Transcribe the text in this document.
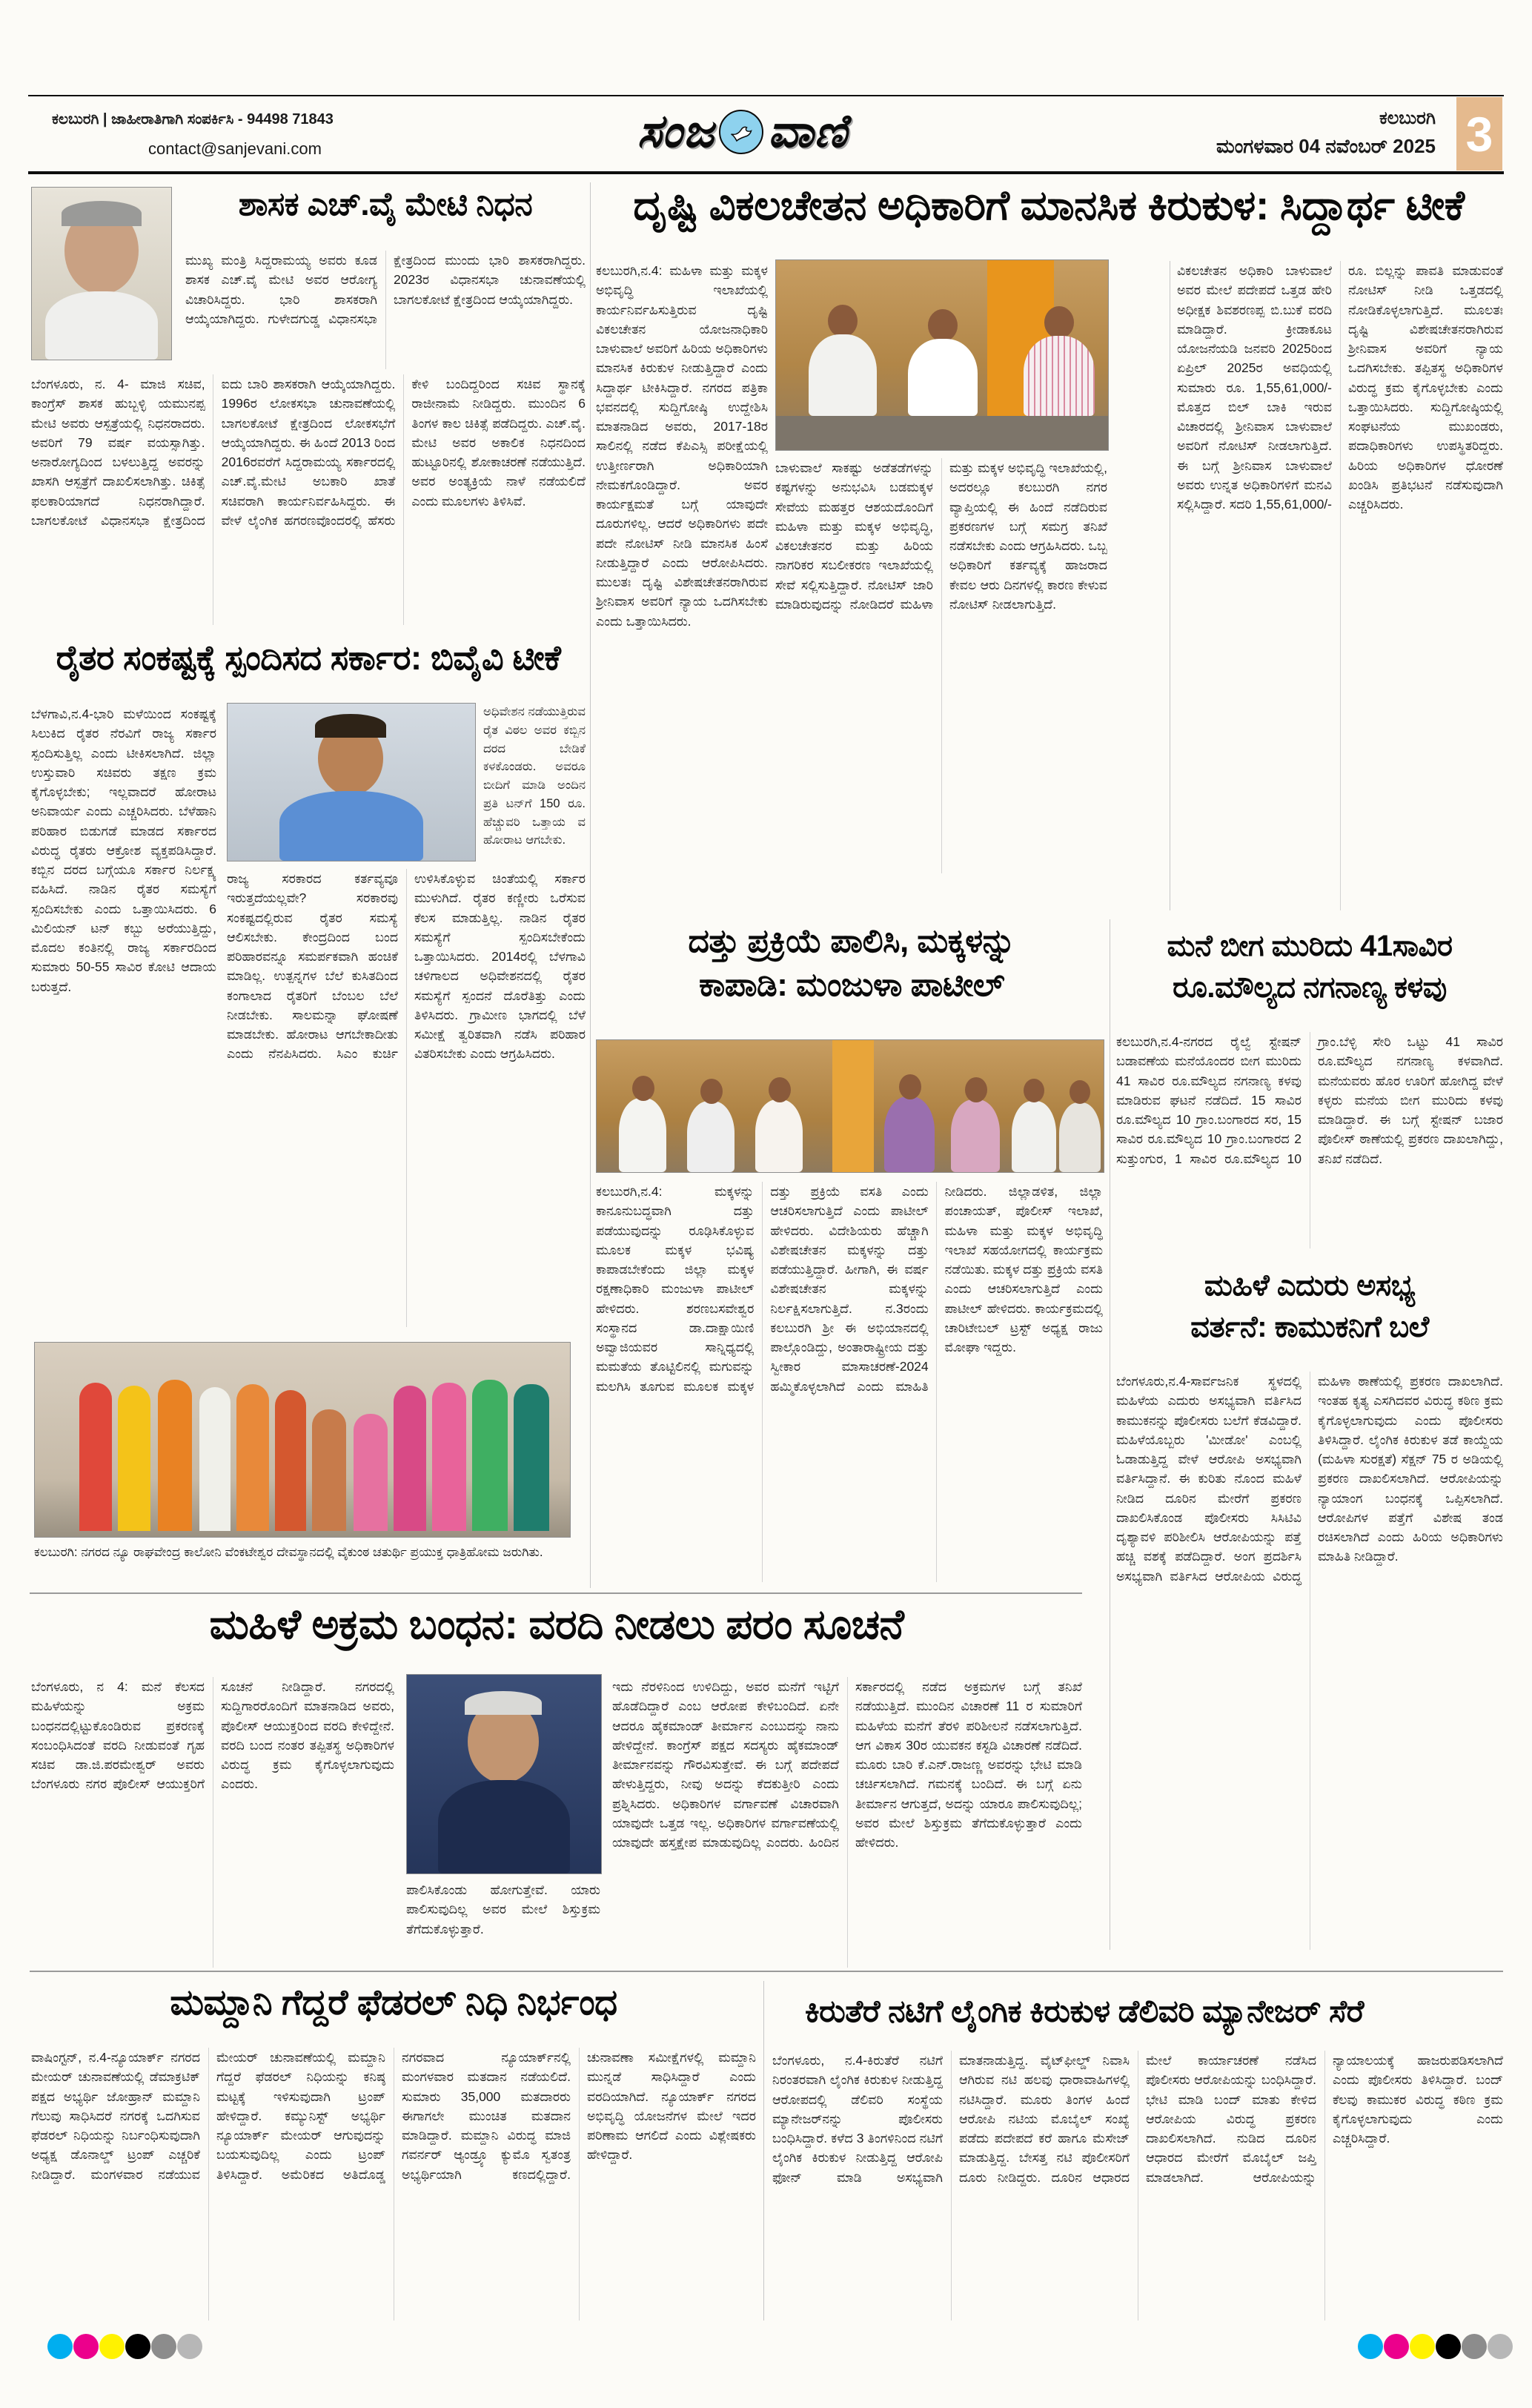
ಕಲಬುರಗಿ | ಜಾಹೀರಾತಿಗಾಗಿ ಸಂಪರ್ಕಿಸಿ - 94498 71843
contact@sanjevani.com	ಸಂಜ ವಾಣಿ	ಕಲಬುರಗಿ
ಮಂಗಳವಾರ 04 ನವೆಂಬರ್ 2025 3
ಶಾಸಕ ಎಚ್.ವೈ ಮೇಟಿ ನಿಧನ
ಮುಖ್ಯ ಮಂತ್ರಿ ಸಿದ್ದರಾಮಯ್ಯ ಅವರು ಕೂಡ ಶಾಸಕ ಎಚ್.ವೈ ಮೇಟಿ ಅವರ ಆರೋಗ್ಯ ವಿಚಾರಿಸಿದ್ದರು. ಭಾರಿ ಶಾಸಕರಾಗಿ ಆಯ್ಕೆಯಾಗಿದ್ದರು. ಗುಳೇದಗುಡ್ಡ ವಿಧಾನಸಭಾ ಕ್ಷೇತ್ರದಿಂದ ಮುಂದು ಭಾರಿ ಶಾಸಕರಾಗಿದ್ದರು. 2023ರ ವಿಧಾನಸಭಾ ಚುನಾವಣೆಯಲ್ಲಿ ಬಾಗಲಕೋಟೆ ಕ್ಷೇತ್ರದಿಂದ ಆಯ್ಕೆಯಾಗಿದ್ದರು.
ಬೆಂಗಳೂರು, ನ. 4- ಮಾಜಿ ಸಚಿವ, ಕಾಂಗ್ರೆಸ್ ಶಾಸಕ ಹುಬ್ಬಳ್ಳಿ ಯಮುನಪ್ಪ ಮೇಟಿ ಅವರು ಆಸ್ಪತ್ರೆಯಲ್ಲಿ ನಿಧನರಾದರು. ಅವರಿಗೆ 79 ವರ್ಷ ವಯಸ್ಸಾಗಿತ್ತು. ಅನಾರೋಗ್ಯದಿಂದ ಬಳಲುತ್ತಿದ್ದ ಅವರನ್ನು ಖಾಸಗಿ ಆಸ್ಪತ್ರೆಗೆ ದಾಖಲಿಸಲಾಗಿತ್ತು. ಚಿಕಿತ್ಸೆ ಫಲಕಾರಿಯಾಗದೆ ನಿಧನರಾಗಿದ್ದಾರೆ. ಬಾಗಲಕೋಟೆ ವಿಧಾನಸಭಾ ಕ್ಷೇತ್ರದಿಂದ ಐದು ಬಾರಿ ಶಾಸಕರಾಗಿ ಆಯ್ಕೆಯಾಗಿದ್ದರು. 1996ರ ಲೋಕಸಭಾ ಚುನಾವಣೆಯಲ್ಲಿ ಬಾಗಲಕೋಟೆ ಕ್ಷೇತ್ರದಿಂದ ಲೋಕಸಭೆಗೆ ಆಯ್ಕೆಯಾಗಿದ್ದರು. ಈ ಹಿಂದೆ 2013 ರಿಂದ 2016ರವರೆಗೆ ಸಿದ್ದರಾಮಯ್ಯ ಸರ್ಕಾರದಲ್ಲಿ ಎಚ್.ವೈ.ಮೇಟಿ ಅಬಕಾರಿ ಖಾತೆ ಸಚಿವರಾಗಿ ಕಾರ್ಯನಿರ್ವಹಿಸಿದ್ದರು. ಈ ವೇಳೆ ಲೈಂಗಿಕ ಹಗರಣವೊಂದರಲ್ಲಿ ಹೆಸರು ಕೇಳಿ ಬಂದಿದ್ದರಿಂದ ಸಚಿವ ಸ್ಥಾನಕ್ಕೆ ರಾಜೀನಾಮೆ ನೀಡಿದ್ದರು. ಮುಂದಿನ 6 ತಿಂಗಳ ಕಾಲ ಚಿಕಿತ್ಸೆ ಪಡೆದಿದ್ದರು. ಎಚ್.ವೈ. ಮೇಟಿ ಅವರ ಅಕಾಲಿಕ ನಿಧನದಿಂದ ಹುಟ್ಟೂರಿನಲ್ಲಿ ಶೋಕಾಚರಣೆ ನಡೆಯುತ್ತಿದೆ. ಅವರ ಅಂತ್ಯಕ್ರಿಯೆ ನಾಳೆ ನಡೆಯಲಿದೆ ಎಂದು ಮೂಲಗಳು ತಿಳಿಸಿವೆ.
ದೃಷ್ಟಿ ವಿಕಲಚೇತನ ಅಧಿಕಾರಿಗೆ ಮಾನಸಿಕ ಕಿರುಕುಳ: ಸಿದ್ದಾರ್ಥ ಟೀಕೆ
ಕಲಬುರಗಿ,ನ.4: ಮಹಿಳಾ ಮತ್ತು ಮಕ್ಕಳ ಅಭಿವೃದ್ಧಿ ಇಲಾಖೆಯಲ್ಲಿ ಕಾರ್ಯನಿರ್ವಹಿಸುತ್ತಿರುವ ದೃಷ್ಟಿ ವಿಕಲಚೇತನ ಯೋಜನಾಧಿಕಾರಿ ಬಾಳುವಾಲೆ ಅವರಿಗೆ ಹಿರಿಯ ಅಧಿಕಾರಿಗಳು ಮಾನಸಿಕ ಕಿರುಕುಳ ನೀಡುತ್ತಿದ್ದಾರೆ ಎಂದು ಸಿದ್ದಾರ್ಥ ಟೀಕಿಸಿದ್ದಾರೆ. ನಗರದ ಪತ್ರಿಕಾ ಭವನದಲ್ಲಿ ಸುದ್ದಿಗೋಷ್ಠಿ ಉದ್ದೇಶಿಸಿ ಮಾತನಾಡಿದ ಅವರು, 2017-18ರ ಸಾಲಿನಲ್ಲಿ ನಡೆದ ಕೆಪಿಎಸ್ಸಿ ಪರೀಕ್ಷೆಯಲ್ಲಿ ಉತ್ತೀರ್ಣರಾಗಿ ಅಧಿಕಾರಿಯಾಗಿ ನೇಮಕಗೊಂಡಿದ್ದಾರೆ. ಅವರ ಕಾರ್ಯಕ್ಷಮತೆ ಬಗ್ಗೆ ಯಾವುದೇ ದೂರುಗಳಿಲ್ಲ. ಆದರೆ ಅಧಿಕಾರಿಗಳು ಪದೇ ಪದೇ ನೋಟಿಸ್ ನೀಡಿ ಮಾನಸಿಕ ಹಿಂಸೆ ನೀಡುತ್ತಿದ್ದಾರೆ ಎಂದು ಆರೋಪಿಸಿದರು. ಮುಲತಃ ದೃಷ್ಟಿ ವಿಶೇಷಚೇತನರಾಗಿರುವ ಶ್ರೀನಿವಾಸ ಅವರಿಗೆ ನ್ಯಾಯ ಒದಗಿಸಬೇಕು ಎಂದು ಒತ್ತಾಯಿಸಿದರು.
ಬಾಳುವಾಲೆ ಸಾಕಷ್ಟು ಅಡೆತಡೆಗಳನ್ನು ಕಷ್ಟಗಳನ್ನು ಅನುಭವಿಸಿ ಬಡಮಕ್ಕಳ ಸೇವೆಯ ಮಹತ್ತರ ಆಶಯದೊಂದಿಗೆ ಮಹಿಳಾ ಮತ್ತು ಮಕ್ಕಳ ಅಭಿವೃದ್ಧಿ, ವಿಕಲಚೇತನರ ಮತ್ತು ಹಿರಿಯ ನಾಗರಿಕರ ಸಬಲೀಕರಣ ಇಲಾಖೆಯಲ್ಲಿ ಸೇವೆ ಸಲ್ಲಿಸುತ್ತಿದ್ದಾರೆ. ನೋಟಿಸ್ ಜಾರಿ ಮಾಡಿರುವುದನ್ನು ನೋಡಿದರೆ ಮಹಿಳಾ ಮತ್ತು ಮಕ್ಕಳ ಅಭಿವೃದ್ಧಿ ಇಲಾಖೆಯಲ್ಲಿ, ಅದರಲ್ಲೂ ಕಲಬುರಗಿ ನಗರ ವ್ಯಾಪ್ತಿಯಲ್ಲಿ ಈ ಹಿಂದೆ ನಡೆದಿರುವ ಪ್ರಕರಣಗಳ ಬಗ್ಗೆ ಸಮಗ್ರ ತನಿಖೆ ನಡೆಸಬೇಕು ಎಂದು ಆಗ್ರಹಿಸಿದರು. ಒಬ್ಬ ಅಧಿಕಾರಿಗೆ ಕರ್ತವ್ಯಕ್ಕೆ ಹಾಜರಾದ ಕೇವಲ ಆರು ದಿನಗಳಲ್ಲಿ ಕಾರಣ ಕೇಳುವ ನೋಟಿಸ್ ನೀಡಲಾಗುತ್ತಿದೆ.
ವಿಕಲಚೇತನ ಅಧಿಕಾರಿ ಬಾಳುವಾಲೆ ಅವರ ಮೇಲೆ ಪದೇಪದೆ ಒತ್ತಡ ಹೇರಿ ಅಧೀಕ್ಷಕ ಶಿವಶರಣಪ್ಪ ಬಿ.ಬುಕೆ ವರದಿ ಮಾಡಿದ್ದಾರೆ. ಕ್ರೀಡಾಕೂಟ ಯೋಜನೆಯಡಿ ಜನವರಿ 2025ರಿಂದ ಏಪ್ರಿಲ್ 2025ರ ಅವಧಿಯಲ್ಲಿ ಸುಮಾರು ರೂ. 1,55,61,000/- ಮೊತ್ತದ ಬಿಲ್ ಬಾಕಿ ಇರುವ ವಿಚಾರದಲ್ಲಿ ಶ್ರೀನಿವಾಸ ಬಾಳುವಾಲೆ ಅವರಿಗೆ ನೋಟಿಸ್ ನೀಡಲಾಗುತ್ತಿದೆ. ಈ ಬಗ್ಗೆ ಶ್ರೀನಿವಾಸ ಬಾಳುವಾಲೆ ಅವರು ಉನ್ನತ ಅಧಿಕಾರಿಗಳಿಗೆ ಮನವಿ ಸಲ್ಲಿಸಿದ್ದಾರೆ. ಸದರಿ 1,55,61,000/- ರೂ. ಬಿಲ್ಲನ್ನು ಪಾವತಿ ಮಾಡುವಂತೆ ನೋಟಿಸ್ ನೀಡಿ ಒತ್ತಡದಲ್ಲಿ ನೋಡಿಕೊಳ್ಳಲಾಗುತ್ತಿದೆ. ಮೂಲತಃ ದೃಷ್ಟಿ ವಿಶೇಷಚೇತನರಾಗಿರುವ ಶ್ರೀನಿವಾಸ ಅವರಿಗೆ ನ್ಯಾಯ ಒದಗಿಸಬೇಕು. ತಪ್ಪಿತಸ್ಥ ಅಧಿಕಾರಿಗಳ ವಿರುದ್ಧ ಕ್ರಮ ಕೈಗೊಳ್ಳಬೇಕು ಎಂದು ಒತ್ತಾಯಿಸಿದರು. ಸುದ್ದಿಗೋಷ್ಠಿಯಲ್ಲಿ ಸಂಘಟನೆಯ ಮುಖಂಡರು, ಪದಾಧಿಕಾರಿಗಳು ಉಪಸ್ಥಿತರಿದ್ದರು. ಹಿರಿಯ ಅಧಿಕಾರಿಗಳ ಧೋರಣೆ ಖಂಡಿಸಿ ಪ್ರತಿಭಟನೆ ನಡೆಸುವುದಾಗಿ ಎಚ್ಚರಿಸಿದರು.
ರೈತರ ಸಂಕಷ್ಟಕ್ಕೆ ಸ್ಪಂದಿಸದ ಸರ್ಕಾರ: ಬಿವೈವಿ ಟೀಕೆ
ಬೆಳಗಾವಿ,ನ.4-ಭಾರಿ ಮಳೆಯಿಂದ ಸಂಕಷ್ಟಕ್ಕೆ ಸಿಲುಕಿದ ರೈತರ ನೆರವಿಗೆ ರಾಜ್ಯ ಸರ್ಕಾರ ಸ್ಪಂದಿಸುತ್ತಿಲ್ಲ ಎಂದು ಟೀಕಿಸಲಾಗಿದೆ. ಜಿಲ್ಲಾ ಉಸ್ತುವಾರಿ ಸಚಿವರು ತಕ್ಷಣ ಕ್ರಮ ಕೈಗೊಳ್ಳಬೇಕು; ಇಲ್ಲವಾದರೆ ಹೋರಾಟ ಅನಿವಾರ್ಯ ಎಂದು ಎಚ್ಚರಿಸಿದರು. ಬೆಳೆಹಾನಿ ಪರಿಹಾರ ಬಿಡುಗಡೆ ಮಾಡದ ಸರ್ಕಾರದ ವಿರುದ್ಧ ರೈತರು ಆಕ್ರೋಶ ವ್ಯಕ್ತಪಡಿಸಿದ್ದಾರೆ. ಕಬ್ಬಿನ ದರದ ಬಗ್ಗೆಯೂ ಸರ್ಕಾರ ನಿರ್ಲಕ್ಷ್ಯ ವಹಿಸಿದೆ. ನಾಡಿನ ರೈತರ ಸಮಸ್ಯೆಗೆ ಸ್ಪಂದಿಸಬೇಕು ಎಂದು ಒತ್ತಾಯಿಸಿದರು. 6 ಮಿಲಿಯನ್ ಟನ್ ಕಬ್ಬು ಅರೆಯುತ್ತಿದ್ದು, ಮೊದಲ ಕಂತಿನಲ್ಲಿ ರಾಜ್ಯ ಸರ್ಕಾರದಿಂದ ಸುಮಾರು 50-55 ಸಾವಿರ ಕೋಟಿ ಆದಾಯ ಬರುತ್ತದೆ.
ಅಧಿವೇಶನ ನಡೆಯುತ್ತಿರುವ ರೈತ ವಿಠಲ ಅವರ ಕಬ್ಬಿನ ದರದ ಬೇಡಿಕೆ ಕಳಕೊಂಡರು. ಅವರೂ ಬೀದಿಗೆ ಮಾಡಿ ಅಂದಿನ ಪ್ರತಿ ಟನ್‌ಗೆ 150 ರೂ. ಹೆಚ್ಚುವರಿ ಒತ್ತಾಯ ವ ಹೋರಾಟ ಆಗಬೇಕು.
ರಾಜ್ಯ ಸರಕಾರದ ಕರ್ತವ್ಯವೂ ಇರುತ್ತದೆಯಲ್ಲವೇ? ಸರಕಾರವು ಸಂಕಷ್ಟದಲ್ಲಿರುವ ರೈತರ ಸಮಸ್ಯೆ ಆಲಿಸಬೇಕು. ಕೇಂದ್ರದಿಂದ ಬಂದ ಪರಿಹಾರವನ್ನೂ ಸಮರ್ಪಕವಾಗಿ ಹಂಚಿಕೆ ಮಾಡಿಲ್ಲ. ಉತ್ಪನ್ನಗಳ ಬೆಲೆ ಕುಸಿತದಿಂದ ಕಂಗಾಲಾದ ರೈತರಿಗೆ ಬೆಂಬಲ ಬೆಲೆ ನೀಡಬೇಕು. ಸಾಲಮನ್ನಾ ಘೋಷಣೆ ಮಾಡಬೇಕು. ಹೋರಾಟ ಆಗಬೇಕಾದೀತು ಎಂದು ನೆನಪಿಸಿದರು. ಸಿಎಂ ಕುರ್ಚಿ ಉಳಿಸಿಕೊಳ್ಳುವ ಚಿಂತೆಯಲ್ಲಿ ಸರ್ಕಾರ ಮುಳುಗಿದೆ. ರೈತರ ಕಣ್ಣೀರು ಒರೆಸುವ ಕೆಲಸ ಮಾಡುತ್ತಿಲ್ಲ. ನಾಡಿನ ರೈತರ ಸಮಸ್ಯೆಗೆ ಸ್ಪಂದಿಸಬೇಕೆಂದು ಒತ್ತಾಯಿಸಿದರು. 2014ರಲ್ಲಿ ಬೆಳಗಾವಿ ಚಳಿಗಾಲದ ಅಧಿವೇಶನದಲ್ಲಿ ರೈತರ ಸಮಸ್ಯೆಗೆ ಸ್ಪಂದನೆ ದೊರೆತಿತ್ತು ಎಂದು ತಿಳಿಸಿದರು. ಗ್ರಾಮೀಣ ಭಾಗದಲ್ಲಿ ಬೆಳೆ ಸಮೀಕ್ಷೆ ತ್ವರಿತವಾಗಿ ನಡೆಸಿ ಪರಿಹಾರ ವಿತರಿಸಬೇಕು ಎಂದು ಆಗ್ರಹಿಸಿದರು.
ಕಲಬುರಗಿ: ನಗರದ ನ್ಯೂ ರಾಘವೇಂದ್ರ ಕಾಲೋನಿ ವೆಂಕಟೇಶ್ವರ ದೇವಸ್ಥಾನದಲ್ಲಿ ವೈಕುಂಠ ಚತುರ್ಥಿ ಪ್ರಯುಕ್ತ ಧಾತ್ರಿಹೋಮ ಜರುಗಿತು.
ದತ್ತು ಪ್ರಕ್ರಿಯೆ ಪಾಲಿಸಿ, ಮಕ್ಕಳನ್ನು
ಕಾಪಾಡಿ: ಮಂಜುಳಾ ಪಾಟೀಲ್
ಕಲಬುರಗಿ,ನ.4: ಮಕ್ಕಳನ್ನು ಕಾನೂನುಬದ್ಧವಾಗಿ ದತ್ತು ಪಡೆಯುವುದನ್ನು ರೂಢಿಸಿಕೊಳ್ಳುವ ಮೂಲಕ ಮಕ್ಕಳ ಭವಿಷ್ಯ ಕಾಪಾಡಬೇಕೆಂದು ಜಿಲ್ಲಾ ಮಕ್ಕಳ ರಕ್ಷಣಾಧಿಕಾರಿ ಮಂಜುಳಾ ಪಾಟೀಲ್ ಹೇಳಿದರು. ಶರಣಬಸವೇಶ್ವರ ಸಂಸ್ಥಾನದ ಡಾ.ದಾಕ್ಷಾಯಿಣಿ ಅವ್ವಾಜಿಯವರ ಸಾನ್ನಿಧ್ಯದಲ್ಲಿ ಮಮತೆಯ ತೊಟ್ಟಿಲಿನಲ್ಲಿ ಮಗುವನ್ನು ಮಲಗಿಸಿ ತೂಗುವ ಮೂಲಕ ಮಕ್ಕಳ ದತ್ತು ಪ್ರಕ್ರಿಯೆ ವಸತಿ ಎಂದು ಆಚರಿಸಲಾಗುತ್ತಿದೆ ಎಂದು ಪಾಟೀಲ್ ಹೇಳಿದರು. ವಿದೇಶಿಯರು ಹೆಚ್ಚಾಗಿ ವಿಶೇಷಚೇತನ ಮಕ್ಕಳನ್ನು ದತ್ತು ಪಡೆಯುತ್ತಿದ್ದಾರೆ. ಹೀಗಾಗಿ, ಈ ವರ್ಷ ವಿಶೇಷಚೇತನ ಮಕ್ಕಳನ್ನು ನಿರ್ಲಕ್ಷಿಸಲಾಗುತ್ತಿದೆ. ನ.3ರಂದು ಕಲಬುರಗಿ ಶ್ರೀ ಈ ಅಭಿಯಾನದಲ್ಲಿ ಪಾಲ್ಗೊಂಡಿದ್ದು, ಅಂತಾರಾಷ್ಟ್ರೀಯ ದತ್ತು ಸ್ವೀಕಾರ ಮಾಸಾಚರಣೆ-2024 ಹಮ್ಮಿಕೊಳ್ಳಲಾಗಿದೆ ಎಂದು ಮಾಹಿತಿ ನೀಡಿದರು. ಜಿಲ್ಲಾಡಳಿತ, ಜಿಲ್ಲಾ ಪಂಚಾಯತ್, ಪೊಲೀಸ್ ಇಲಾಖೆ, ಮಹಿಳಾ ಮತ್ತು ಮಕ್ಕಳ ಅಭಿವೃದ್ಧಿ ಇಲಾಖೆ ಸಹಯೋಗದಲ್ಲಿ ಕಾರ್ಯಕ್ರಮ ನಡೆಯಿತು. ಮಕ್ಕಳ ದತ್ತು ಪ್ರಕ್ರಿಯೆ ವಸತಿ ಎಂದು ಆಚರಿಸಲಾಗುತ್ತಿದೆ ಎಂದು ಪಾಟೀಲ್ ಹೇಳಿದರು. ಕಾರ್ಯಕ್ರಮದಲ್ಲಿ ಚಾರಿಟೇಬಲ್ ಟ್ರಸ್ಟ್ ಅಧ್ಯಕ್ಷ ರಾಜು ಮೋಘಾ ಇದ್ದರು.
ಮನೆ ಬೀಗ ಮುರಿದು 41ಸಾವಿರ
ರೂ.ಮೌಲ್ಯದ ನಗನಾಣ್ಯ ಕಳವು
ಕಲಬುರಗಿ,ನ.4-ನಗರದ ರೈಲ್ವೆ ಸ್ಟೇಷನ್ ಬಡಾವಣೆಯ ಮನೆಯೊಂದರ ಬೀಗ ಮುರಿದು 41 ಸಾವಿರ ರೂ.ಮೌಲ್ಯದ ನಗನಾಣ್ಯ ಕಳವು ಮಾಡಿರುವ ಘಟನೆ ನಡೆದಿದೆ. 15 ಸಾವಿರ ರೂ.ಮೌಲ್ಯದ 10 ಗ್ರಾಂ.ಬಂಗಾರದ ಸರ, 15 ಸಾವಿರ ರೂ.ಮೌಲ್ಯದ 10 ಗ್ರಾಂ.ಬಂಗಾರದ 2 ಸುತ್ತುಂಗುರ, 1 ಸಾವಿರ ರೂ.ಮೌಲ್ಯದ 10 ಗ್ರಾಂ.ಬೆಳ್ಳಿ ಸೇರಿ ಒಟ್ಟು 41 ಸಾವಿರ ರೂ.ಮೌಲ್ಯದ ನಗನಾಣ್ಯ ಕಳವಾಗಿದೆ. ಮನೆಯವರು ಹೊರ ಊರಿಗೆ ಹೋಗಿದ್ದ ವೇಳೆ ಕಳ್ಳರು ಮನೆಯ ಬೀಗ ಮುರಿದು ಕಳವು ಮಾಡಿದ್ದಾರೆ. ಈ ಬಗ್ಗೆ ಸ್ಟೇಷನ್ ಬಜಾರ ಪೊಲೀಸ್ ಠಾಣೆಯಲ್ಲಿ ಪ್ರಕರಣ ದಾಖಲಾಗಿದ್ದು, ತನಿಖೆ ನಡೆದಿದೆ.
ಮಹಿಳೆ ಎದುರು ಅಸಭ್ಯ
ವರ್ತನೆ: ಕಾಮುಕನಿಗೆ ಬಲೆ
ಬೆಂಗಳೂರು,ನ.4-ಸಾರ್ವಜನಿಕ ಸ್ಥಳದಲ್ಲಿ ಮಹಿಳೆಯ ಎದುರು ಅಸಭ್ಯವಾಗಿ ವರ್ತಿಸಿದ ಕಾಮುಕನನ್ನು ಪೊಲೀಸರು ಬಲೆಗೆ ಕೆಡವಿದ್ದಾರೆ. ಮಹಿಳೆಯೊಬ್ಬರು 'ಮೀಡೋ' ಎಂಬಲ್ಲಿ ಓಡಾಡುತ್ತಿದ್ದ ವೇಳೆ ಆರೋಪಿ ಅಸಭ್ಯವಾಗಿ ವರ್ತಿಸಿದ್ದಾನೆ. ಈ ಕುರಿತು ನೊಂದ ಮಹಿಳೆ ನೀಡಿದ ದೂರಿನ ಮೇರೆಗೆ ಪ್ರಕರಣ ದಾಖಲಿಸಿಕೊಂಡ ಪೊಲೀಸರು ಸಿಸಿಟಿವಿ ದೃಶ್ಯಾವಳಿ ಪರಿಶೀಲಿಸಿ ಆರೋಪಿಯನ್ನು ಪತ್ತೆ ಹಚ್ಚಿ ವಶಕ್ಕೆ ಪಡೆದಿದ್ದಾರೆ. ಅಂಗ ಪ್ರದರ್ಶಿಸಿ ಅಸಭ್ಯವಾಗಿ ವರ್ತಿಸಿದ ಆರೋಪಿಯ ವಿರುದ್ಧ ಮಹಿಳಾ ಠಾಣೆಯಲ್ಲಿ ಪ್ರಕರಣ ದಾಖಲಾಗಿದೆ. ಇಂತಹ ಕೃತ್ಯ ಎಸಗಿದವರ ವಿರುದ್ಧ ಕಠಿಣ ಕ್ರಮ ಕೈಗೊಳ್ಳಲಾಗುವುದು ಎಂದು ಪೊಲೀಸರು ತಿಳಿಸಿದ್ದಾರೆ. ಲೈಂಗಿಕ ಕಿರುಕುಳ ತಡೆ ಕಾಯ್ದೆಯ (ಮಹಿಳಾ ಸುರಕ್ಷತೆ) ಸೆಕ್ಷನ್ 75 ರ ಅಡಿಯಲ್ಲಿ ಪ್ರಕರಣ ದಾಖಲಿಸಲಾಗಿದೆ. ಆರೋಪಿಯನ್ನು ನ್ಯಾಯಾಂಗ ಬಂಧನಕ್ಕೆ ಒಪ್ಪಿಸಲಾಗಿದೆ. ಆರೋಪಿಗಳ ಪತ್ತೆಗೆ ವಿಶೇಷ ತಂಡ ರಚಿಸಲಾಗಿದೆ ಎಂದು ಹಿರಿಯ ಅಧಿಕಾರಿಗಳು ಮಾಹಿತಿ ನೀಡಿದ್ದಾರೆ.
ಮಹಿಳೆ ಅಕ್ರಮ ಬಂಧನ: ವರದಿ ನೀಡಲು ಪರಂ ಸೂಚನೆ
ಬೆಂಗಳೂರು, ನ 4: ಮನೆ ಕೆಲಸದ ಮಹಿಳೆಯನ್ನು ಅಕ್ರಮ ಬಂಧನದಲ್ಲಿಟ್ಟುಕೊಂಡಿರುವ ಪ್ರಕರಣಕ್ಕೆ ಸಂಬಂಧಿಸಿದಂತೆ ವರದಿ ನೀಡುವಂತೆ ಗೃಹ ಸಚಿವ ಡಾ.ಜಿ.ಪರಮೇಶ್ವರ್ ಅವರು ಬೆಂಗಳೂರು ನಗರ ಪೊಲೀಸ್ ಆಯುಕ್ತರಿಗೆ ಸೂಚನೆ ನೀಡಿದ್ದಾರೆ. ನಗರದಲ್ಲಿ ಸುದ್ದಿಗಾರರೊಂದಿಗೆ ಮಾತನಾಡಿದ ಅವರು, ಪೊಲೀಸ್ ಆಯುಕ್ತರಿಂದ ವರದಿ ಕೇಳಿದ್ದೇನೆ. ವರದಿ ಬಂದ ನಂತರ ತಪ್ಪಿತಸ್ಥ ಅಧಿಕಾರಿಗಳ ವಿರುದ್ಧ ಕ್ರಮ ಕೈಗೊಳ್ಳಲಾಗುವುದು ಎಂದರು.
ಪಾಲಿಸಿಕೊಂಡು ಹೋಗುತ್ತೇವೆ. ಯಾರು ಪಾಲಿಸುವುದಿಲ್ಲ ಅವರ ಮೇಲೆ ಶಿಸ್ತುಕ್ರಮ ತೆಗೆದುಕೊಳ್ಳುತ್ತಾರೆ.
ಇದು ನೆರಳಿನಿಂದ ಉಳಿದಿದ್ದು, ಅವರ ಮನೆಗೆ ಇಟ್ಟಿಗೆ ಹೊಡೆದಿದ್ದಾರೆ ಎಂಬ ಆರೋಪ ಕೇಳಿಬಂದಿದೆ. ಏನೇ ಆದರೂ ಹೈಕಮಾಂಡ್ ತೀರ್ಮಾನ ಎಂಬುದನ್ನು ನಾನು ಹೇಳಿದ್ದೇನೆ. ಕಾಂಗ್ರೆಸ್ ಪಕ್ಷದ ಸದಸ್ಯರು ಹೈಕಮಾಂಡ್ ತೀರ್ಮಾನವನ್ನು ಗೌರವಿಸುತ್ತೇವೆ. ಈ ಬಗ್ಗೆ ಪದೇಪದೆ ಹೇಳುತ್ತಿದ್ದರು, ನೀವು ಅದನ್ನು ಕೆದಕುತ್ತೀರಿ ಎಂದು ಪ್ರಶ್ನಿಸಿದರು. ಅಧಿಕಾರಿಗಳ ವರ್ಗಾವಣೆ ವಿಚಾರವಾಗಿ ಯಾವುದೇ ಒತ್ತಡ ಇಲ್ಲ. ಅಧಿಕಾರಿಗಳ ವರ್ಗಾವಣೆಯಲ್ಲಿ ಯಾವುದೇ ಹಸ್ತಕ್ಷೇಪ ಮಾಡುವುದಿಲ್ಲ ಎಂದರು. ಹಿಂದಿನ ಸರ್ಕಾರದಲ್ಲಿ ನಡೆದ ಅಕ್ರಮಗಳ ಬಗ್ಗೆ ತನಿಖೆ ನಡೆಯುತ್ತಿದೆ. ಮುಂದಿನ ವಿಚಾರಣೆ 11 ರ ಸುಮಾರಿಗೆ ಮಹಿಳೆಯ ಮನೆಗೆ ತೆರಳಿ ಪರಿಶೀಲನೆ ನಡೆಸಲಾಗುತ್ತಿದೆ. ಆಗ ವಿಕಾಸ 30ರ ಯುವಕನ ಕಸ್ಟಡಿ ವಿಚಾರಣೆ ನಡೆದಿದೆ. ಮೂರು ಬಾರಿ ಕೆ.ಎನ್.ರಾಜಣ್ಣ ಅವರನ್ನು ಭೇಟಿ ಮಾಡಿ ಚರ್ಚಿಸಲಾಗಿದೆ. ಗಮನಕ್ಕೆ ಬಂದಿದೆ. ಈ ಬಗ್ಗೆ ಏನು ತೀರ್ಮಾನ ಆಗುತ್ತದೆ, ಅದನ್ನು ಯಾರೂ ಪಾಲಿಸುವುದಿಲ್ಲ; ಅವರ ಮೇಲೆ ಶಿಸ್ತುಕ್ರಮ ತೆಗೆದುಕೊಳ್ಳುತ್ತಾರೆ ಎಂದು ಹೇಳಿದರು.
ಮಮ್ದಾನಿ ಗೆದ್ದರೆ ಫೆಡರಲ್ ನಿಧಿ ನಿರ್ಭಂಧ
ವಾಷಿಂಗ್ಟನ್, ನ.4-ನ್ಯೂಯಾರ್ಕ್ ನಗರದ ಮೇಯರ್ ಚುನಾವಣೆಯಲ್ಲಿ ಡೆಮಾಕ್ರಟಿಕ್ ಪಕ್ಷದ ಅಭ್ಯರ್ಥಿ ಜೋಹ್ರಾನ್ ಮಮ್ದಾನಿ ಗೆಲುವು ಸಾಧಿಸಿದರೆ ನಗರಕ್ಕೆ ಒದಗಿಸುವ ಫೆಡರಲ್ ನಿಧಿಯನ್ನು ನಿರ್ಬಂಧಿಸುವುದಾಗಿ ಅಧ್ಯಕ್ಷ ಡೊನಾಲ್ಡ್ ಟ್ರಂಪ್ ಎಚ್ಚರಿಕೆ ನೀಡಿದ್ದಾರೆ. ಮಂಗಳವಾರ ನಡೆಯುವ ಮೇಯರ್ ಚುನಾವಣೆಯಲ್ಲಿ ಮಮ್ದಾನಿ ಗೆದ್ದರೆ ಫೆಡರಲ್ ನಿಧಿಯನ್ನು ಕನಿಷ್ಠ ಮಟ್ಟಕ್ಕೆ ಇಳಿಸುವುದಾಗಿ ಟ್ರಂಪ್ ಹೇಳಿದ್ದಾರೆ. ಕಮ್ಯುನಿಸ್ಟ್ ಅಭ್ಯರ್ಥಿ ನ್ಯೂಯಾರ್ಕ್ ಮೇಯರ್ ಆಗುವುದನ್ನು ಬಯಸುವುದಿಲ್ಲ ಎಂದು ಟ್ರಂಪ್ ತಿಳಿಸಿದ್ದಾರೆ. ಅಮೆರಿಕದ ಅತಿದೊಡ್ಡ ನಗರವಾದ ನ್ಯೂಯಾರ್ಕ್‌ನಲ್ಲಿ ಮಂಗಳವಾರ ಮತದಾನ ನಡೆಯಲಿದೆ. ಸುಮಾರು 35,000 ಮತದಾರರು ಈಗಾಗಲೇ ಮುಂಚಿತ ಮತದಾನ ಮಾಡಿದ್ದಾರೆ. ಮಮ್ದಾನಿ ವಿರುದ್ಧ ಮಾಜಿ ಗವರ್ನರ್ ಆ್ಯಂಡ್ರ್ಯೂ ಕ್ಯುಮೊ ಸ್ವತಂತ್ರ ಅಭ್ಯರ್ಥಿಯಾಗಿ ಕಣದಲ್ಲಿದ್ದಾರೆ. ಚುನಾವಣಾ ಸಮೀಕ್ಷೆಗಳಲ್ಲಿ ಮಮ್ದಾನಿ ಮುನ್ನಡೆ ಸಾಧಿಸಿದ್ದಾರೆ ಎಂದು ವರದಿಯಾಗಿದೆ. ನ್ಯೂಯಾರ್ಕ್ ನಗರದ ಅಭಿವೃದ್ಧಿ ಯೋಜನೆಗಳ ಮೇಲೆ ಇದರ ಪರಿಣಾಮ ಆಗಲಿದೆ ಎಂದು ವಿಶ್ಲೇಷಕರು ಹೇಳಿದ್ದಾರೆ.
ಕಿರುತೆರೆ ನಟಿಗೆ ಲೈಂಗಿಕ ಕಿರುಕುಳ ಡೆಲಿವರಿ ಮ್ಯಾನೇಜರ್ ಸೆರೆ
ಬೆಂಗಳೂರು, ನ.4-ಕಿರುತೆರೆ ನಟಿಗೆ ನಿರಂತರವಾಗಿ ಲೈಂಗಿಕ ಕಿರುಕುಳ ನೀಡುತ್ತಿದ್ದ ಆರೋಪದಲ್ಲಿ ಡೆಲಿವರಿ ಸಂಸ್ಥೆಯ ಮ್ಯಾನೇಜರ್‌ನನ್ನು ಪೊಲೀಸರು ಬಂಧಿಸಿದ್ದಾರೆ. ಕಳೆದ 3 ತಿಂಗಳಿನಿಂದ ನಟಿಗೆ ಲೈಂಗಿಕ ಕಿರುಕುಳ ನೀಡುತ್ತಿದ್ದ ಆರೋಪಿ ಫೋನ್ ಮಾಡಿ ಅಸಭ್ಯವಾಗಿ ಮಾತನಾಡುತ್ತಿದ್ದ. ವೈಟ್‌ಫೀಲ್ಡ್ ನಿವಾಸಿ ಆಗಿರುವ ನಟಿ ಹಲವು ಧಾರಾವಾಹಿಗಳಲ್ಲಿ ನಟಿಸಿದ್ದಾರೆ. ಮೂರು ತಿಂಗಳ ಹಿಂದೆ ಆರೋಪಿ ನಟಿಯ ಮೊಬೈಲ್ ಸಂಖ್ಯೆ ಪಡೆದು ಪದೇಪದೆ ಕರೆ ಹಾಗೂ ಮೆಸೇಜ್ ಮಾಡುತ್ತಿದ್ದ. ಬೇಸತ್ತ ನಟಿ ಪೊಲೀಸರಿಗೆ ದೂರು ನೀಡಿದ್ದರು. ದೂರಿನ ಆಧಾರದ ಮೇಲೆ ಕಾರ್ಯಾಚರಣೆ ನಡೆಸಿದ ಪೊಲೀಸರು ಆರೋಪಿಯನ್ನು ಬಂಧಿಸಿದ್ದಾರೆ. ಭೇಟಿ ಮಾಡಿ ಬಂದ್ ಮಾತು ಕೇಳಿದ ಆರೋಪಿಯ ವಿರುದ್ಧ ಪ್ರಕರಣ ದಾಖಲಿಸಲಾಗಿದೆ. ನುಡಿದ ದೂರಿನ ಆಧಾರದ ಮೇರೆಗೆ ಮೊಬೈಲ್ ಜಪ್ತಿ ಮಾಡಲಾಗಿದೆ. ಆರೋಪಿಯನ್ನು ನ್ಯಾಯಾಲಯಕ್ಕೆ ಹಾಜರುಪಡಿಸಲಾಗಿದೆ ಎಂದು ಪೊಲೀಸರು ತಿಳಿಸಿದ್ದಾರೆ. ಬಂದ್ ಕೆಲವು ಕಾಮುಕರ ವಿರುದ್ಧ ಕಠಿಣ ಕ್ರಮ ಕೈಗೊಳ್ಳಲಾಗುವುದು ಎಂದು ಎಚ್ಚರಿಸಿದ್ದಾರೆ.
